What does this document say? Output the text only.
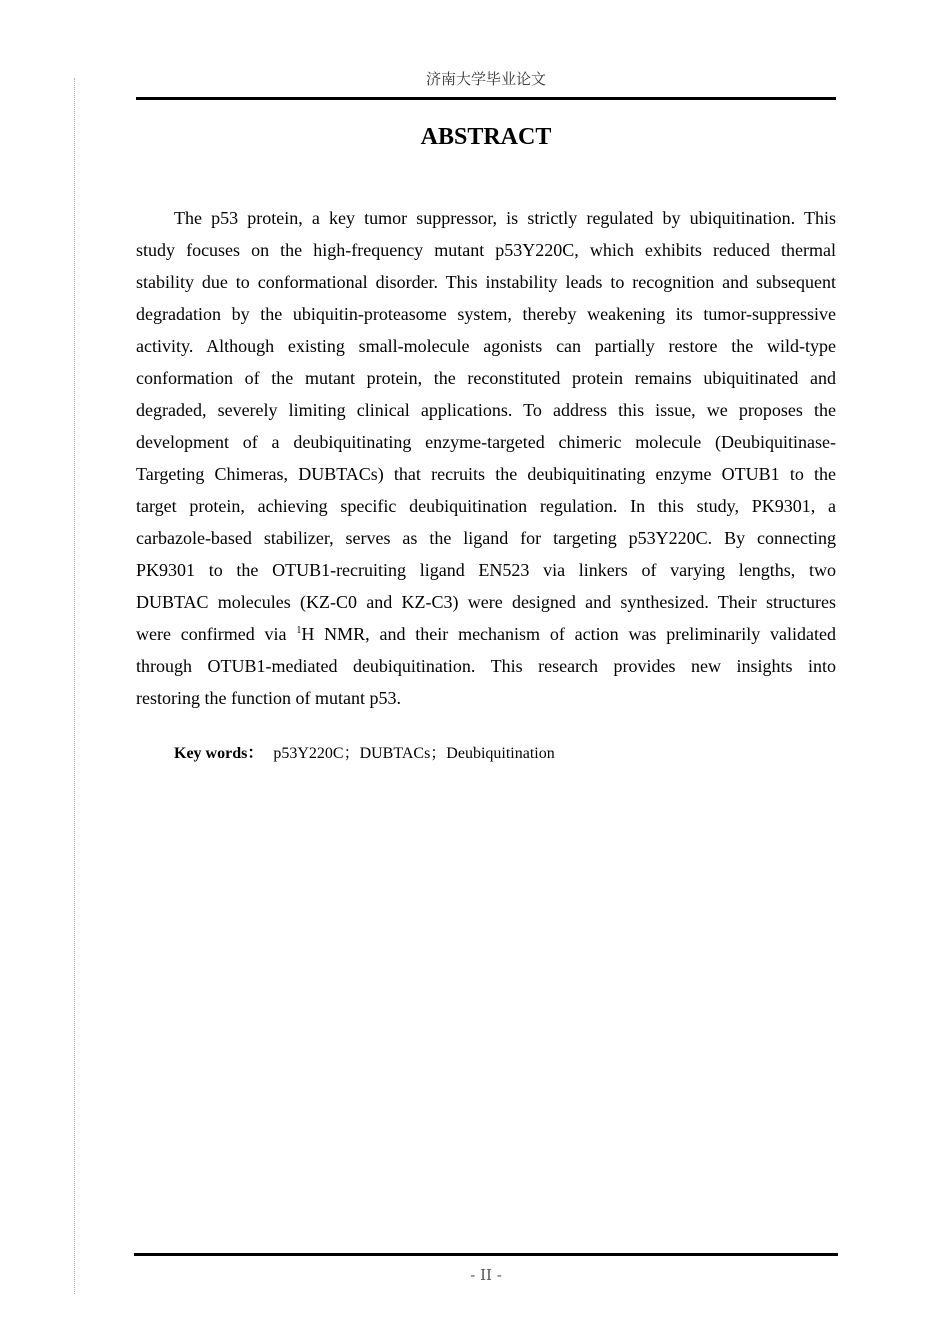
济南大学毕业论文
ABSTRACT
The p53 protein, a key tumor suppressor, is strictly regulated by ubiquitination. This
study focuses on the high-frequency mutant p53Y220C, which exhibits reduced thermal
stability due to conformational disorder. This instability leads to recognition and subsequent
degradation by the ubiquitin-proteasome system, thereby weakening its tumor-suppressive
activity. Although existing small-molecule agonists can partially restore the wild-type
conformation of the mutant protein, the reconstituted protein remains ubiquitinated and
degraded, severely limiting clinical applications. To address this issue, we proposes the
development of a deubiquitinating enzyme-targeted chimeric molecule (Deubiquitinase-
Targeting Chimeras, DUBTACs) that recruits the deubiquitinating enzyme OTUB1 to the
target protein, achieving specific deubiquitination regulation. In this study, PK9301, a
carbazole-based stabilizer, serves as the ligand for targeting p53Y220C. By connecting
PK9301 to the OTUB1-recruiting ligand EN523 via linkers of varying lengths, two
DUBTAC molecules (KZ-C0 and KZ-C3) were designed and synthesized. Their structures
were confirmed via $^1$H NMR, and their mechanism of action was preliminarily validated
through OTUB1-mediated deubiquitination. This research provides new insights into
restoring the function of mutant p53.
Key words： p53Y220C；DUBTACs；Deubiquitination
- II -
